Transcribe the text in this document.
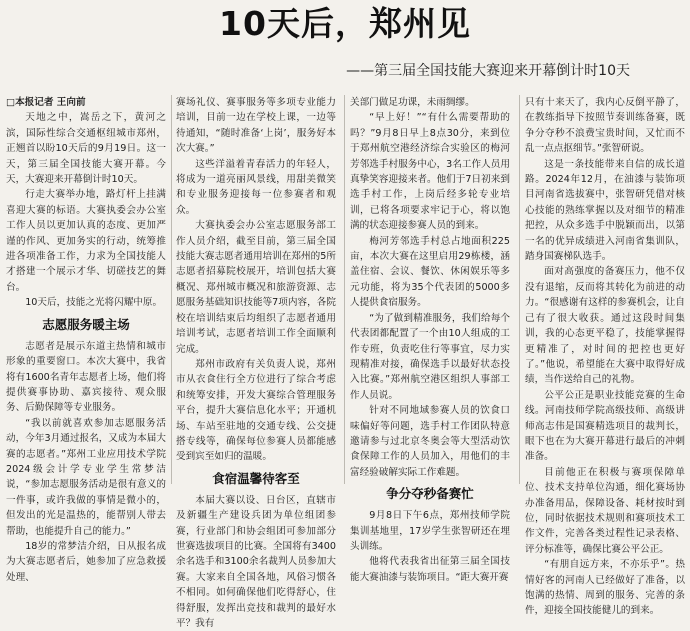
10天后，郑州见
——第三届全国技能大赛迎来开幕倒计时10天

□本报记者 王向前

天地之中，嵩岳之下，黄河之滨，国际性综合交通枢纽城市郑州，正翘首以盼10天后的9月19日。这一天，第三届全国技能大赛开幕。今天，大赛迎来开幕倒计时10天。

行走大赛举办地，路灯杆上挂满喜迎大赛的标语。大赛执委会办公室工作人员以更加认真的态度、更加严谨的作风、更加务实的行动，统筹推进各项准备工作，力求为全国技能人才搭建一个展示才华、切磋技艺的舞台。

10天后，技能之光将闪耀中原。

志愿服务暖主场

志愿者是展示东道主热情和城市形象的重要窗口。本次大赛中，我省将有1600名青年志愿者上场，他们将提供赛事协助、嘉宾接待、观众服务、后勤保障等专业服务。

“我以前就喜欢参加志愿服务活动，今年3月通过报名，又成为本届大赛的志愿者。”郑州工业应用技术学院2024级会计学专业学生常梦洁说，“参加志愿服务活动是很有意义的一件事，或许我做的事情是微小的，但发出的光是温热的，能帮别人带去帮助，也能提升自己的能力。”

18岁的常梦洁介绍，日从报名成为大赛志愿者后，她参加了应急救援处理、

赛场礼仪、赛事服务等多项专业能力培训，目前一边在学校上课，一边等待通知，“随时准备‘上岗’，服务好本次大赛。”

这些洋溢着青春活力的年轻人，将成为一道亮丽风景线，用甜美微笑和专业服务迎接每一位参赛者和观众。

大赛执委会办公室志愿服务部工作人员介绍，截至目前，第三届全国技能大赛志愿者通用培训在郑州的5所志愿者招募院校展开，培训包括大赛概况、郑州城市概况和旅游资源、志愿服务基础知识技能等7项内容，各院校在培训结束后均组织了志愿者通用培训考试，志愿者培训工作全面顺利完成。

郑州市政府有关负责人说，郑州市从衣食住行全方位进行了综合考虑和统筹安排，开发大赛综合管理服务平台，提升大赛信息化水平；开通机场、车站至驻地的交通专线、公交捷搭专线等，确保每位参赛人员都能感受到宾至如归的温暖。

食宿温馨待客至

本届大赛以设、日台区，直辖市及新疆生产建设兵团为单位组团参赛，行业部门和协会组团可参加部分世赛选拔项目的比赛。全国将有3400余名选手和3100余名裁判人员参加大赛。大家来自全国各地，风俗习惯各不相同。如何确保他们吃得舒心，住得舒服，发挥出竞技和裁判的最好水平？我有

关部门做足功课，未雨绸缪。

“早上好！”“有什么需要帮助的吗？”9月8日早上8点30分，来到位于郑州航空港经济综合实验区的梅河芳邻选手村服务中心，3名工作人员用真挚笑容迎接来者。他们于7日初来到选手村工作，上岗后经多轮专业培训，已将各项要求牢记于心，将以饱满的状态迎接参赛人员的到来。

梅河芳邻选手村总占地面积225亩，本次大赛在这里启用29栋楼，涵盖住宿、会议、餐饮、休闲娱乐等多元功能，将为35个代表团的5000多人提供食宿服务。

“为了做到精准服务，我们给每个代表团都配置了一个由10人组成的工作专班，负责吃住行等事宜，尽力实现精准对接，确保选手以最好状态投入比赛。”郑州航空港区组织人事部工作人员说。

针对不同地域参赛人员的饮食口味偏好等问题，选手村工作团队特意邀请参与过北京冬奥会等大型活动饮食保障工作的人员加入，用他们的丰富经验破解实际工作难题。

争分夺秒备赛忙

9月8日下午6点，郑州技师学院集训基地里，17岁学生张智研还在埋头训练。

他将代表我省出征第三届全国技能大赛油漆与装饰项目。“距大赛开赛

只有十来天了，我内心反倒平静了，在教练指导下按照节奏训练备赛，既争分夺秒不浪费宝贵时间，又忙而不乱一点点抠细节。”张智研说。

这是一条技能带来自信的成长道路。2024年12月，在油漆与装饰项目河南省选拔赛中，张智研凭借对核心技能的熟练掌握以及对细节的精准把控，从众多选手中脱颖而出，以第一名的优异成绩进入河南省集训队，踏身国赛梯队选手。

面对高强度的备赛压力，他不仅没有退缩，反而将其转化为前进的动力。“很感谢有这样的参赛机会，让自己有了很大收获。通过这段时间集训，我的心态更平稳了，技能掌握得更精准了，对时间的把控也更好了。”他说，希望能在大赛中取得好成绩，当作送给自己的礼物。

公平公正是职业技能竞赛的生命线。河南技师学院高级技师、高级讲师高志伟是国赛精选项目的裁判长，眼下也在为大赛开幕进行最后的冲刺准备。

目前他正在积极与赛项保障单位、技术支持单位沟通，细化赛场协办准备用品，保障设备、耗材按时到位，同时依据技术规则和赛项技术工作文件，完善各类过程性记录表格、评分标准等，确保比赛公平公正。

“有朋自远方来，不亦乐乎”。热情好客的河南人已经做好了准备，以饱满的热情、周到的服务、完善的条件，迎接全国技能健儿的到来。
